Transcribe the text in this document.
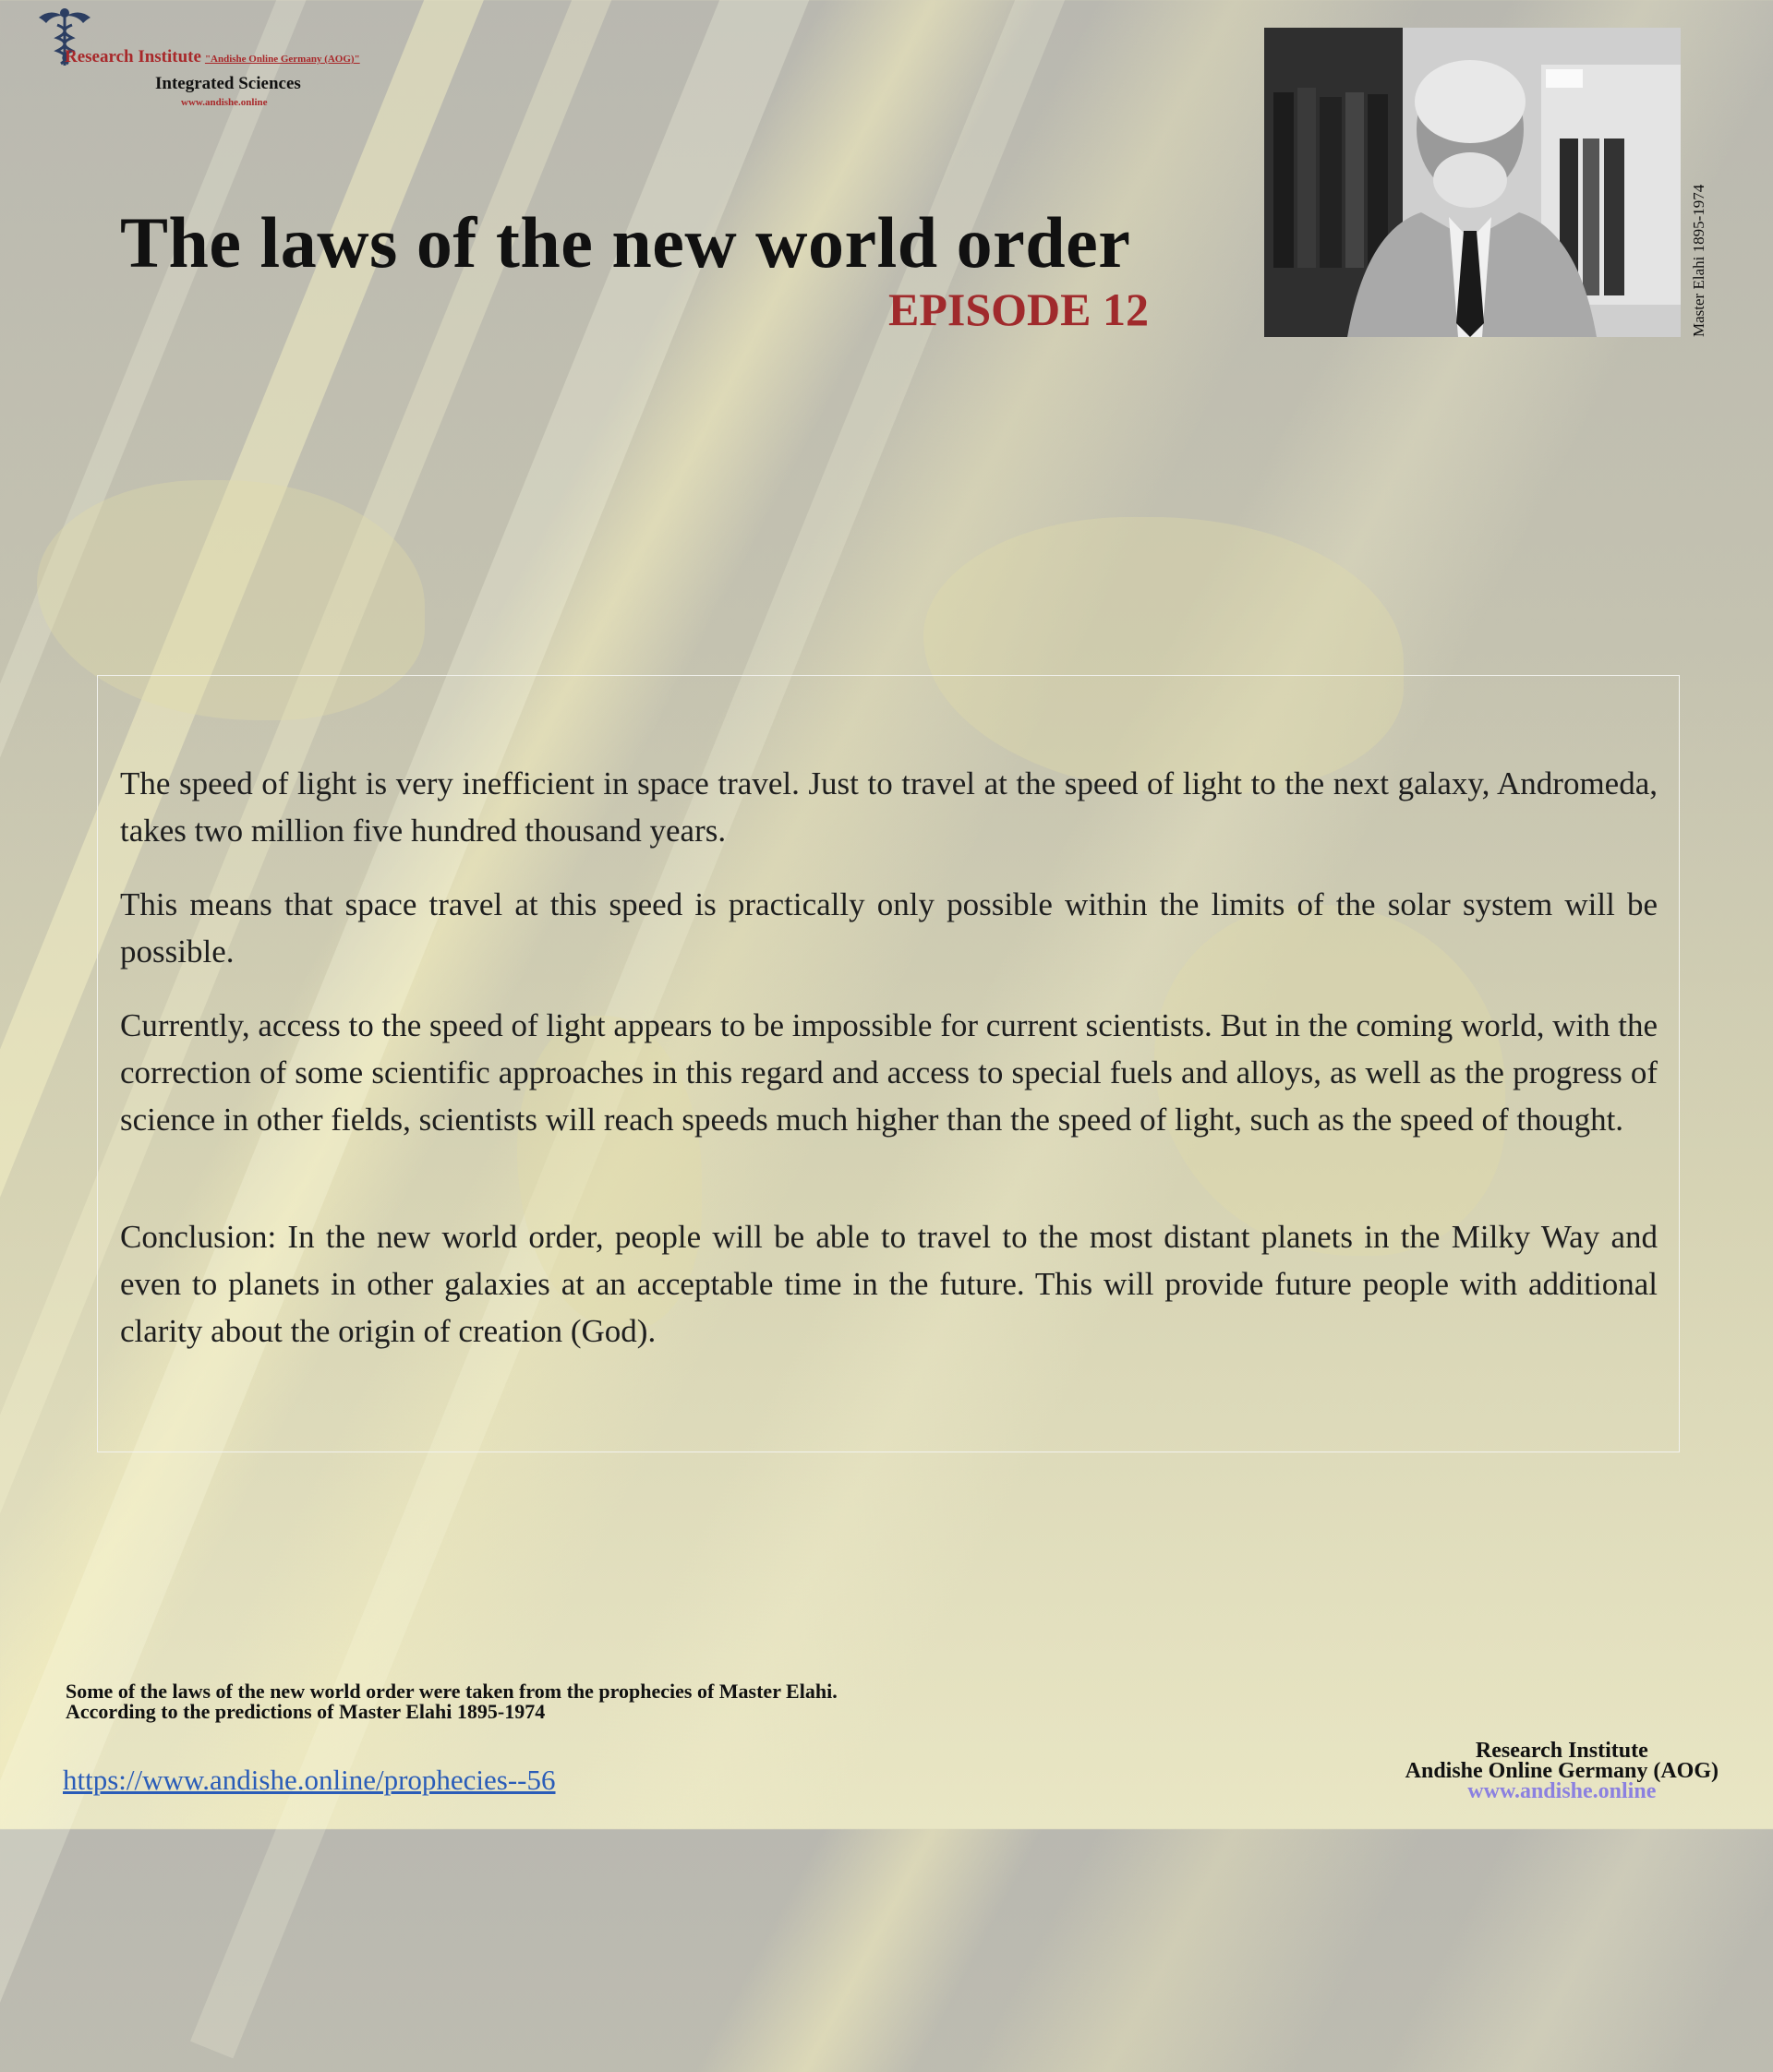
Research Institute "Andishe Online Germany (AOG)"
Integrated Sciences
www.andishe.online
The laws of the new world order
EPISODE 12	Master Elahi 1895-1974

The speed of light is very inefficient in space travel. Just to travel at the speed of light to the next galaxy, Andromeda, takes two million five hundred thousand years.

This means that space travel at this speed is practically only possible within the limits of the solar system will be possible.

Currently, access to the speed of light appears to be impossible for current scientists. But in the coming world, with the correction of some scientific approaches in this regard and access to special fuels and alloys, as well as the progress of science in other fields, scientists will reach speeds much higher than the speed of light, such as the speed of thought.

Conclusion: In the new world order, people will be able to travel to the most distant planets in the Milky Way and even to planets in other galaxies at an acceptable time in the future. This will provide future people with additional clarity about the origin of creation (God).

Some of the laws of the new world order were taken from the prophecies of Master Elahi.
According to the predictions of Master Elahi 1895-1974
https://www.andishe.online/prophecies--56
Research Institute
Andishe Online Germany (AOG)
www.andishe.online
